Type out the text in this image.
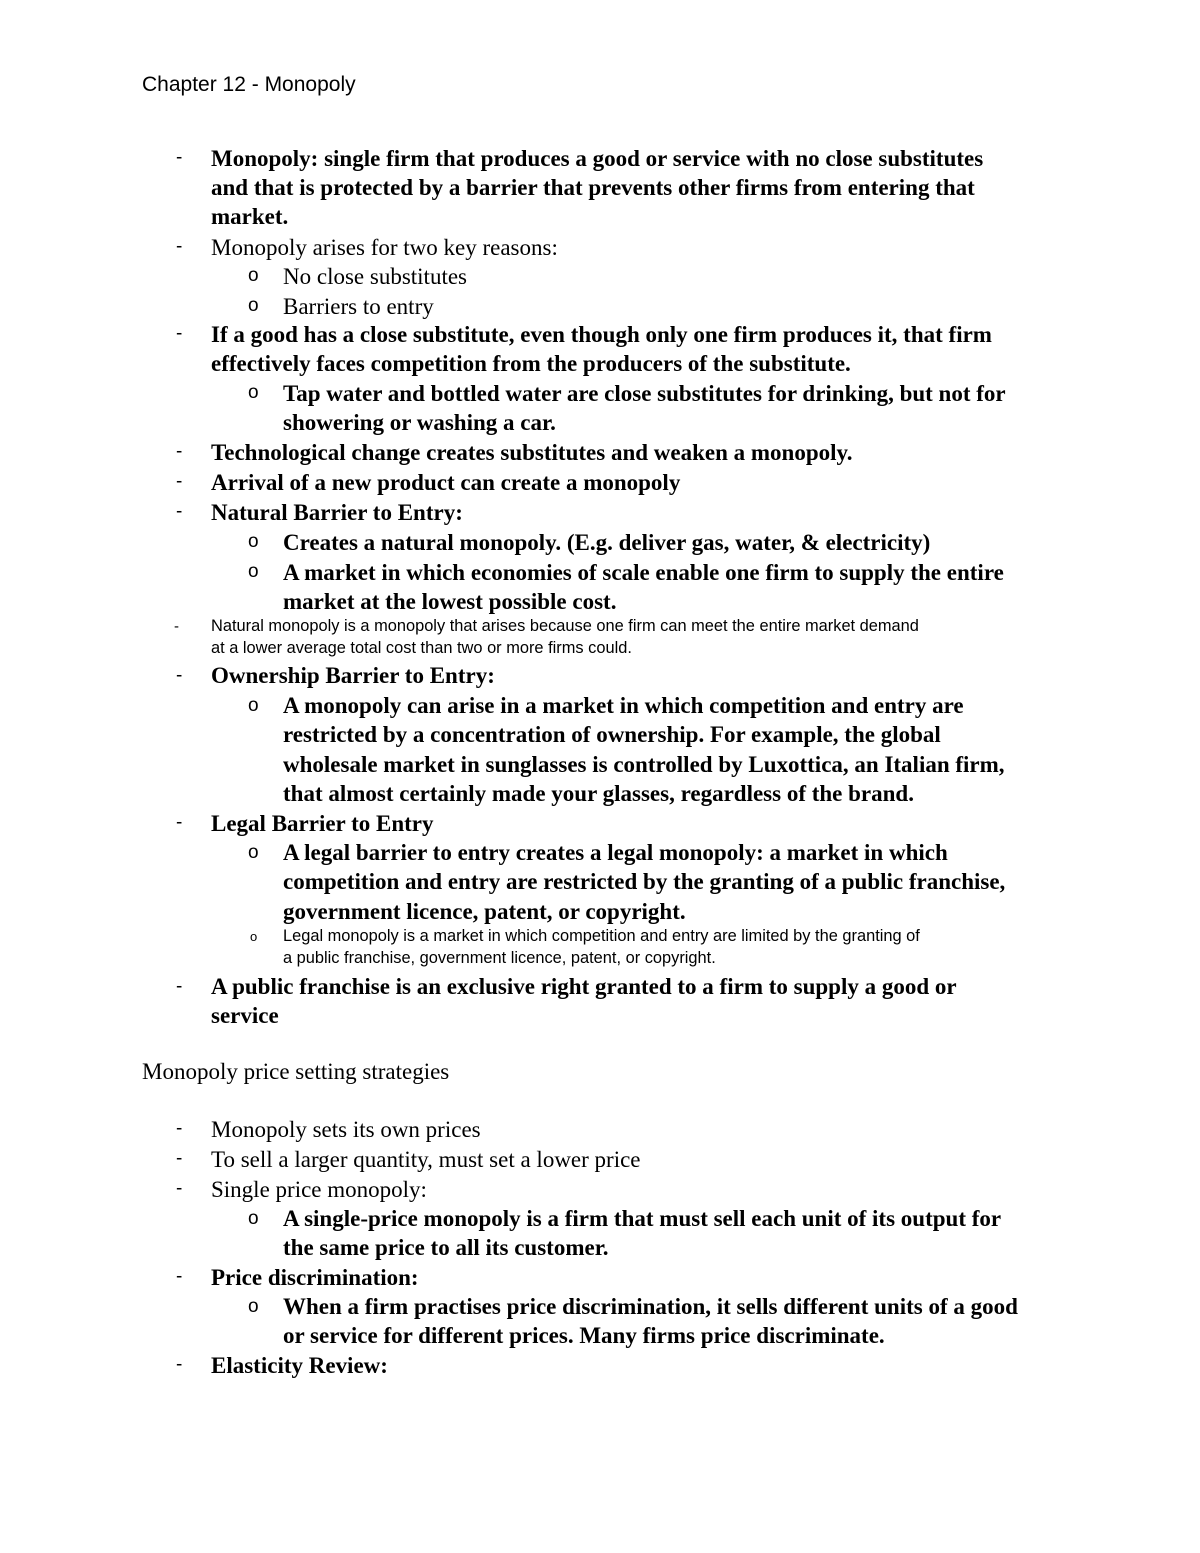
Chapter 12 - Monopoly
- Monopoly: single firm that produces a good or service with no close substitutes
and that is protected by a barrier that prevents other firms from entering that
market.
- Monopoly arises for two key reasons:
o No close substitutes
o Barriers to entry
- If a good has a close substitute, even though only one firm produces it, that firm
effectively faces competition from the producers of the substitute.
o Tap water and bottled water are close substitutes for drinking, but not for
showering or washing a car.
- Technological change creates substitutes and weaken a monopoly.
- Arrival of a new product can create a monopoly
- Natural Barrier to Entry:
o Creates a natural monopoly. (E.g. deliver gas, water, & electricity)
o A market in which economies of scale enable one firm to supply the entire
market at the lowest possible cost.
- Natural monopoly is a monopoly that arises because one firm can meet the entire market demand
at a lower average total cost than two or more firms could.
- Ownership Barrier to Entry:
o A monopoly can arise in a market in which competition and entry are
restricted by a concentration of ownership. For example, the global
wholesale market in sunglasses is controlled by Luxottica, an Italian firm,
that almost certainly made your glasses, regardless of the brand.
- Legal Barrier to Entry
o A legal barrier to entry creates a legal monopoly: a market in which
competition and entry are restricted by the granting of a public franchise,
government licence, patent, or copyright.
o Legal monopoly is a market in which competition and entry are limited by the granting of
a public franchise, government licence, patent, or copyright.
- A public franchise is an exclusive right granted to a firm to supply a good or
service
Monopoly price setting strategies
- Monopoly sets its own prices
- To sell a larger quantity, must set a lower price
- Single price monopoly:
o A single-price monopoly is a firm that must sell each unit of its output for
the same price to all its customer.
- Price discrimination:
o When a firm practises price discrimination, it sells different units of a good
or service for different prices. Many firms price discriminate.
- Elasticity Review:
